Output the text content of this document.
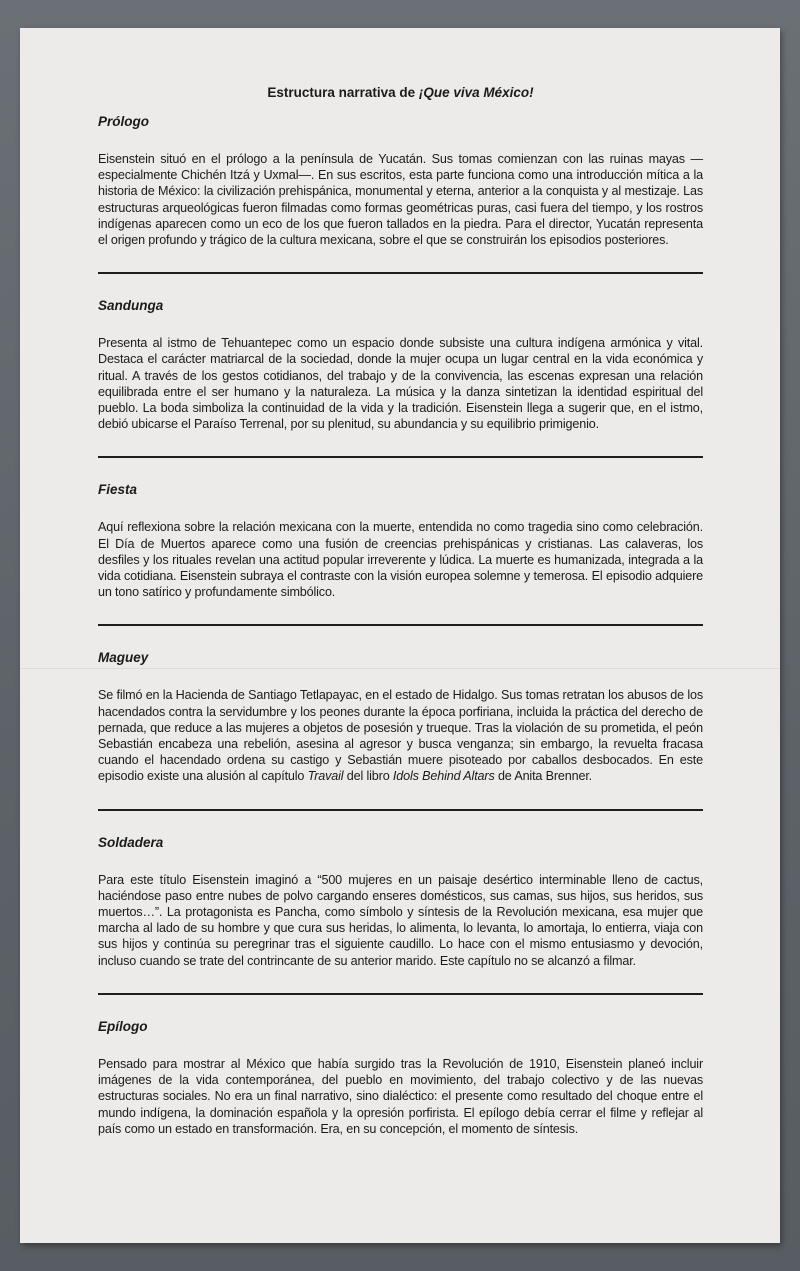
Estructura narrativa de ¡Que viva México!
Prólogo

Eisenstein situó en el prólogo a la península de Yucatán. Sus tomas comienzan con las ruinas mayas —especialmente Chichén Itzá y Uxmal—. En sus escritos, esta parte funciona como una introducción mítica a la historia de México: la civilización prehispánica, monumental y eterna, anterior a la conquista y al mestizaje. Las estructuras arqueológicas fueron filmadas como formas geométricas puras, casi fuera del tiempo, y los rostros indígenas aparecen como un eco de los que fueron tallados en la piedra. Para el director, Yucatán representa el origen profundo y trágico de la cultura mexicana, sobre el que se construirán los episodios posteriores.

Sandunga

Presenta al istmo de Tehuantepec como un espacio donde subsiste una cultura indígena armónica y vital. Destaca el carácter matriarcal de la sociedad, donde la mujer ocupa un lugar central en la vida económica y ritual. A través de los gestos cotidianos, del trabajo y de la convivencia, las escenas expresan una relación equilibrada entre el ser humano y la naturaleza. La música y la danza sintetizan la identidad espiritual del pueblo. La boda simboliza la continuidad de la vida y la tradición. Eisenstein llega a sugerir que, en el istmo, debió ubicarse el Paraíso Terrenal, por su plenitud, su abundancia y su equilibrio primigenio.

Fiesta

Aquí reflexiona sobre la relación mexicana con la muerte, entendida no como tragedia sino como celebración. El Día de Muertos aparece como una fusión de creencias prehispánicas y cristianas. Las calaveras, los desfiles y los rituales revelan una actitud popular irreverente y lúdica. La muerte es humanizada, integrada a la vida cotidiana. Eisenstein subraya el contraste con la visión europea solemne y temerosa. El episodio adquiere un tono satírico y profundamente simbólico.

Maguey

Se filmó en la Hacienda de Santiago Tetlapayac, en el estado de Hidalgo. Sus tomas retratan los abusos de los hacendados contra la servidumbre y los peones durante la época porfiriana, incluida la práctica del derecho de pernada, que reduce a las mujeres a objetos de posesión y trueque. Tras la violación de su prometida, el peón Sebastián encabeza una rebelión, asesina al agresor y busca venganza; sin embargo, la revuelta fracasa cuando el hacendado ordena su castigo y Sebastián muere pisoteado por caballos desbocados. En este episodio existe una alusión al capítulo Travail del libro Idols Behind Altars de Anita Brenner.

Soldadera

Para este título Eisenstein imaginó a “500 mujeres en un paisaje desértico interminable lleno de cactus, haciéndose paso entre nubes de polvo cargando enseres domésticos, sus camas, sus hijos, sus heridos, sus muertos…”. La protagonista es Pancha, como símbolo y síntesis de la Revolución mexicana, esa mujer que marcha al lado de su hombre y que cura sus heridas, lo alimenta, lo levanta, lo amortaja, lo entierra, viaja con sus hijos y continúa su peregrinar tras el siguiente caudillo. Lo hace con el mismo entusiasmo y devoción, incluso cuando se trate del contrincante de su anterior marido. Este capítulo no se alcanzó a filmar.

Epílogo

Pensado para mostrar al México que había surgido tras la Revolución de 1910, Eisenstein planeó incluir imágenes de la vida contemporánea, del pueblo en movimiento, del trabajo colectivo y de las nuevas estructuras sociales. No era un final narrativo, sino dialéctico: el presente como resultado del choque entre el mundo indígena, la dominación española y la opresión porfirista. El epílogo debía cerrar el filme y reflejar al país como un estado en transformación. Era, en su concepción, el momento de síntesis.
